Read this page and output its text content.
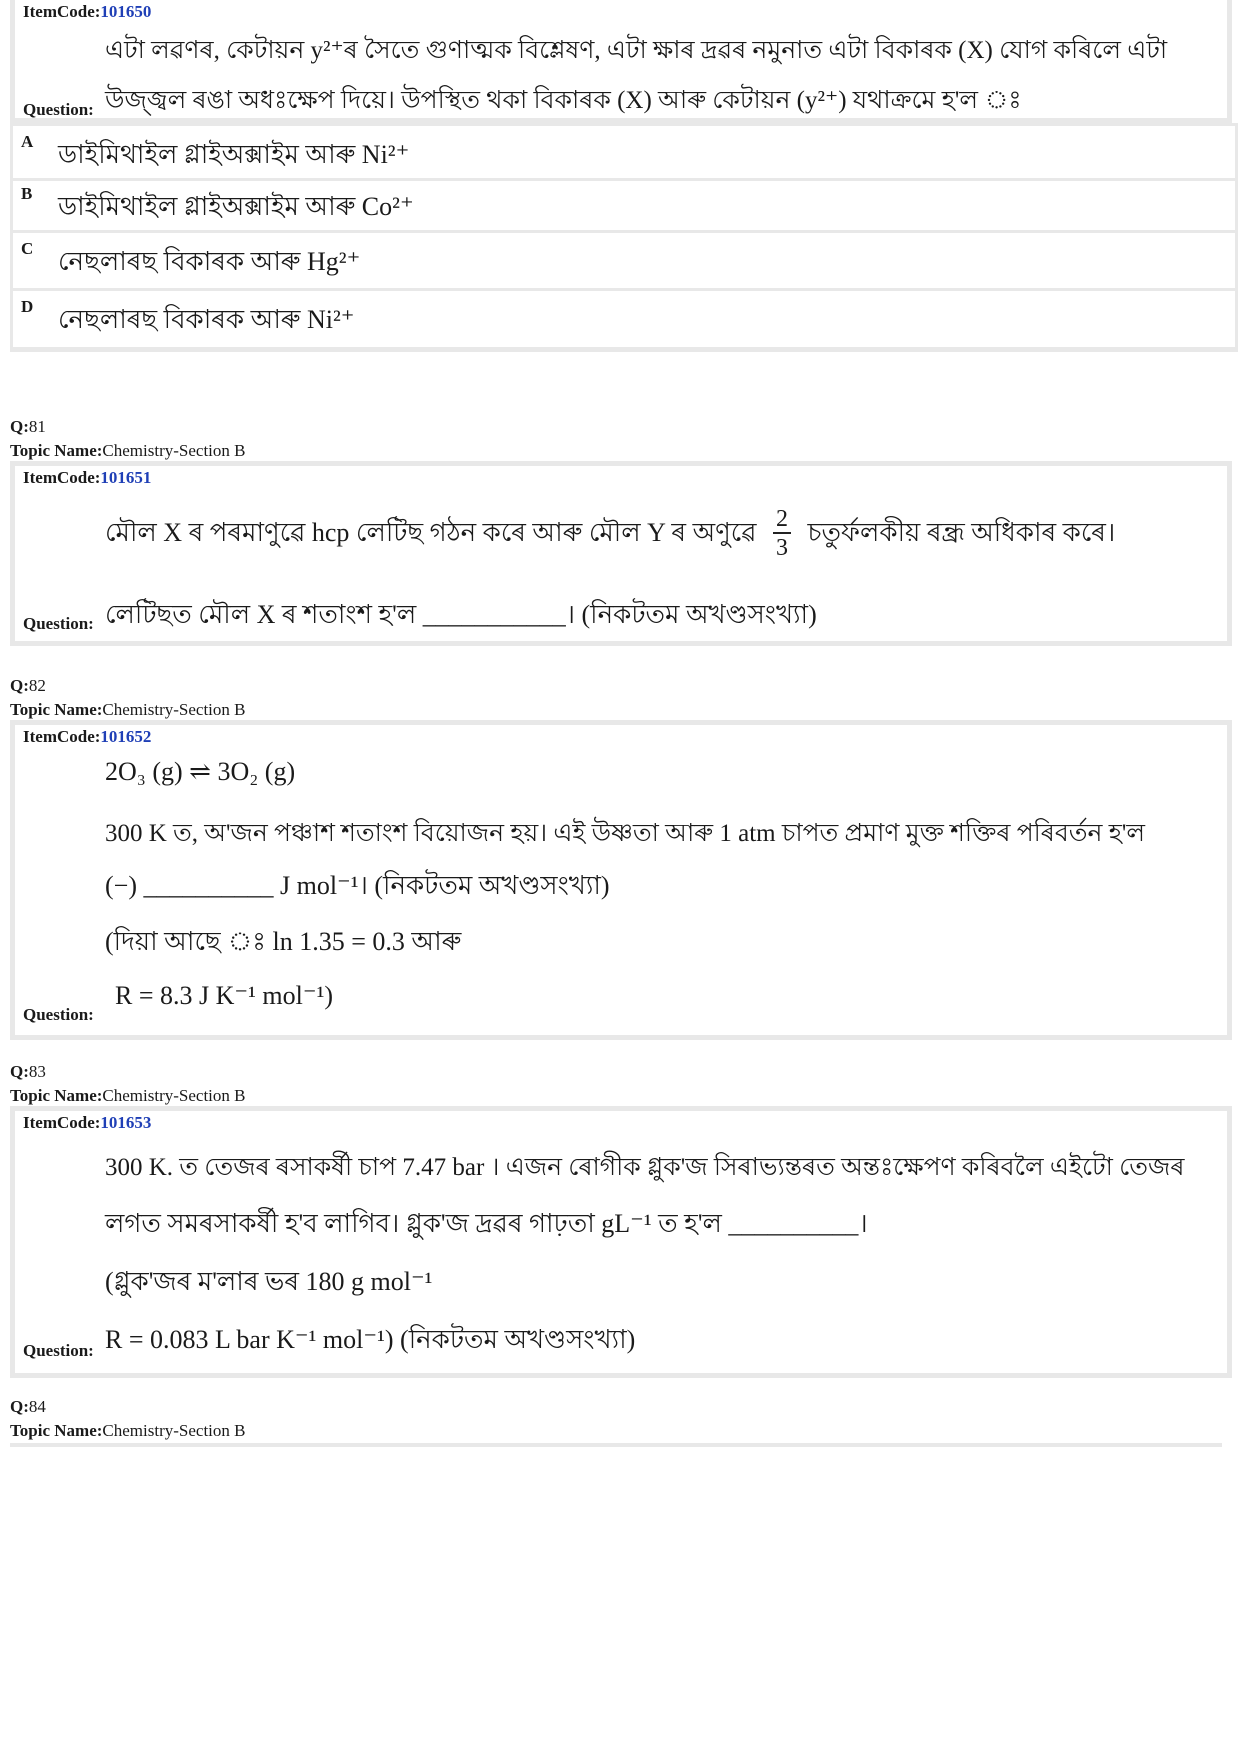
ItemCode:101650
এটা লৱণৰ, কেটায়ন y²⁺ৰ সৈতে গুণাত্মক বিশ্লেষণ, এটা ক্ষাৰ দ্ৰৱৰ নমুনাত এটা বিকাৰক (X) যোগ কৰিলে এটা
উজ্জ্বল ৰঙা অধঃক্ষেপ দিয়ে। উপস্থিত থকা বিকাৰক (X) আৰু কেটায়ন (y²⁺) যথাক্ৰমে হ'ল ঃ
Question:
A ডাইমিথাইল গ্লাইঅক্সাইম আৰু Ni²⁺
B ডাইমিথাইল গ্লাইঅক্সাইম আৰু Co²⁺
C নেছলাৰছ বিকাৰক আৰু Hg²⁺
D নেছলাৰছ বিকাৰক আৰু Ni²⁺
Q:81
Topic Name:Chemistry-Section B
ItemCode:101651
মৌল X ৰ পৰমাণুৱে hcp লেটিছ গঠন কৰে আৰু মৌল Y ৰ অণুৱে $\frac{2}{3}$ চতুৰ্ফলকীয় ৰন্ধ্ৰ অধিকাৰ কৰে।
লেটিছত মৌল X ৰ শতাংশ হ'ল ___________। (নিকটতম অখণ্ডসংখ্যা)
Question:
Q:82
Topic Name:Chemistry-Section B
ItemCode:101652
2O₃ (g) ⇌ 3O₂ (g)
300 K ত, অ'জন পঞ্চাশ শতাংশ বিয়োজন হয়। এই উষ্ণতা আৰু 1 atm চাপত প্ৰমাণ মুক্ত শক্তিৰ পৰিবৰ্তন হ'ল
(−) __________ J mol⁻¹। (নিকটতম অখণ্ডসংখ্যা)
(দিয়া আছে ঃ ln 1.35 = 0.3 আৰু
R = 8.3 J K⁻¹ mol⁻¹)
Question:
Q:83
Topic Name:Chemistry-Section B
ItemCode:101653
300 K. ত তেজৰ ৰসাকৰ্ষী চাপ 7.47 bar । এজন ৰোগীক গ্লুক'জ সিৰাভ্যন্তৰত অন্তঃক্ষেপণ কৰিবলৈ এইটো তেজৰ
লগত সমৰসাকৰ্ষী হ'ব লাগিব। গ্লুক'জ দ্ৰৱৰ গাঢ়তা gL⁻¹ ত হ'ল __________।
(গ্লুক'জৰ ম'লাৰ ভৰ 180 g mol⁻¹
R = 0.083 L bar K⁻¹ mol⁻¹) (নিকটতম অখণ্ডসংখ্যা)
Question:
Q:84
Topic Name:Chemistry-Section B
